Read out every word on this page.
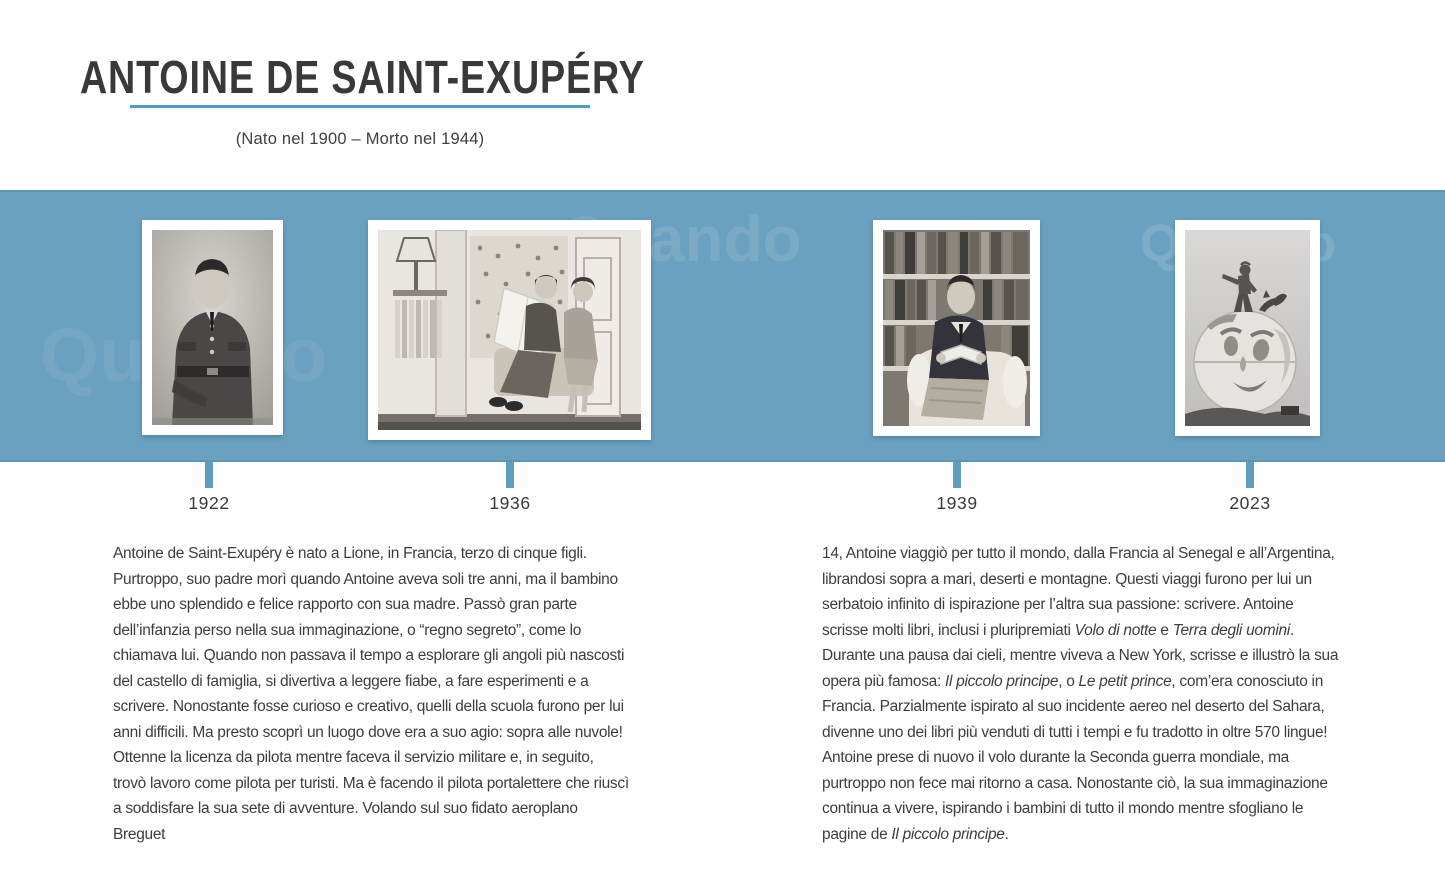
ANTOINE DE SAINT-EXUPÉRY
(Nato nel 1900 – Morto nel 1944)
Quando
1922	1936	1939	2023
Antoine de Saint-Exupéry è nato a Lione, in Francia, terzo di cinque figli. Purtroppo, suo padre morì quando Antoine aveva soli tre anni, ma il bambino ebbe uno splendido e felice rapporto con sua madre. Passò gran parte dell’infanzia perso nella sua immaginazione, o “regno segreto”, come lo chiamava lui. Quando non passava il tempo a esplorare gli angoli più nascosti del castello di famiglia, si divertiva a leggere fiabe, a fare esperimenti e a scrivere. Nonostante fosse curioso e creativo, quelli della scuola furono per lui anni difficili. Ma presto scoprì un luogo dove era a suo agio: sopra alle nuvole! Ottenne la licenza da pilota mentre faceva il servizio militare e, in seguito, trovò lavoro come pilota per turisti. Ma è facendo il pilota portalettere che riuscì a soddisfare la sua sete di avventure. Volando sul suo fidato aeroplano Breguet
14, Antoine viaggiò per tutto il mondo, dalla Francia al Senegal e all’Argentina, librandosi sopra a mari, deserti e montagne. Questi viaggi furono per lui un serbatoio infinito di ispirazione per l’altra sua passione: scrivere. Antoine scrisse molti libri, inclusi i pluripremiati Volo di notte e Terra degli uomini. Durante una pausa dai cieli, mentre viveva a New York, scrisse e illustrò la sua opera più famosa: Il piccolo principe, o Le petit prince, com’era conosciuto in Francia. Parzialmente ispirato al suo incidente aereo nel deserto del Sahara, divenne uno dei libri più venduti di tutti i tempi e fu tradotto in oltre 570 lingue! Antoine prese di nuovo il volo durante la Seconda guerra mondiale, ma purtroppo non fece mai ritorno a casa. Nonostante ciò, la sua immaginazione continua a vivere, ispirando i bambini di tutto il mondo mentre sfogliano le pagine de Il piccolo principe.
